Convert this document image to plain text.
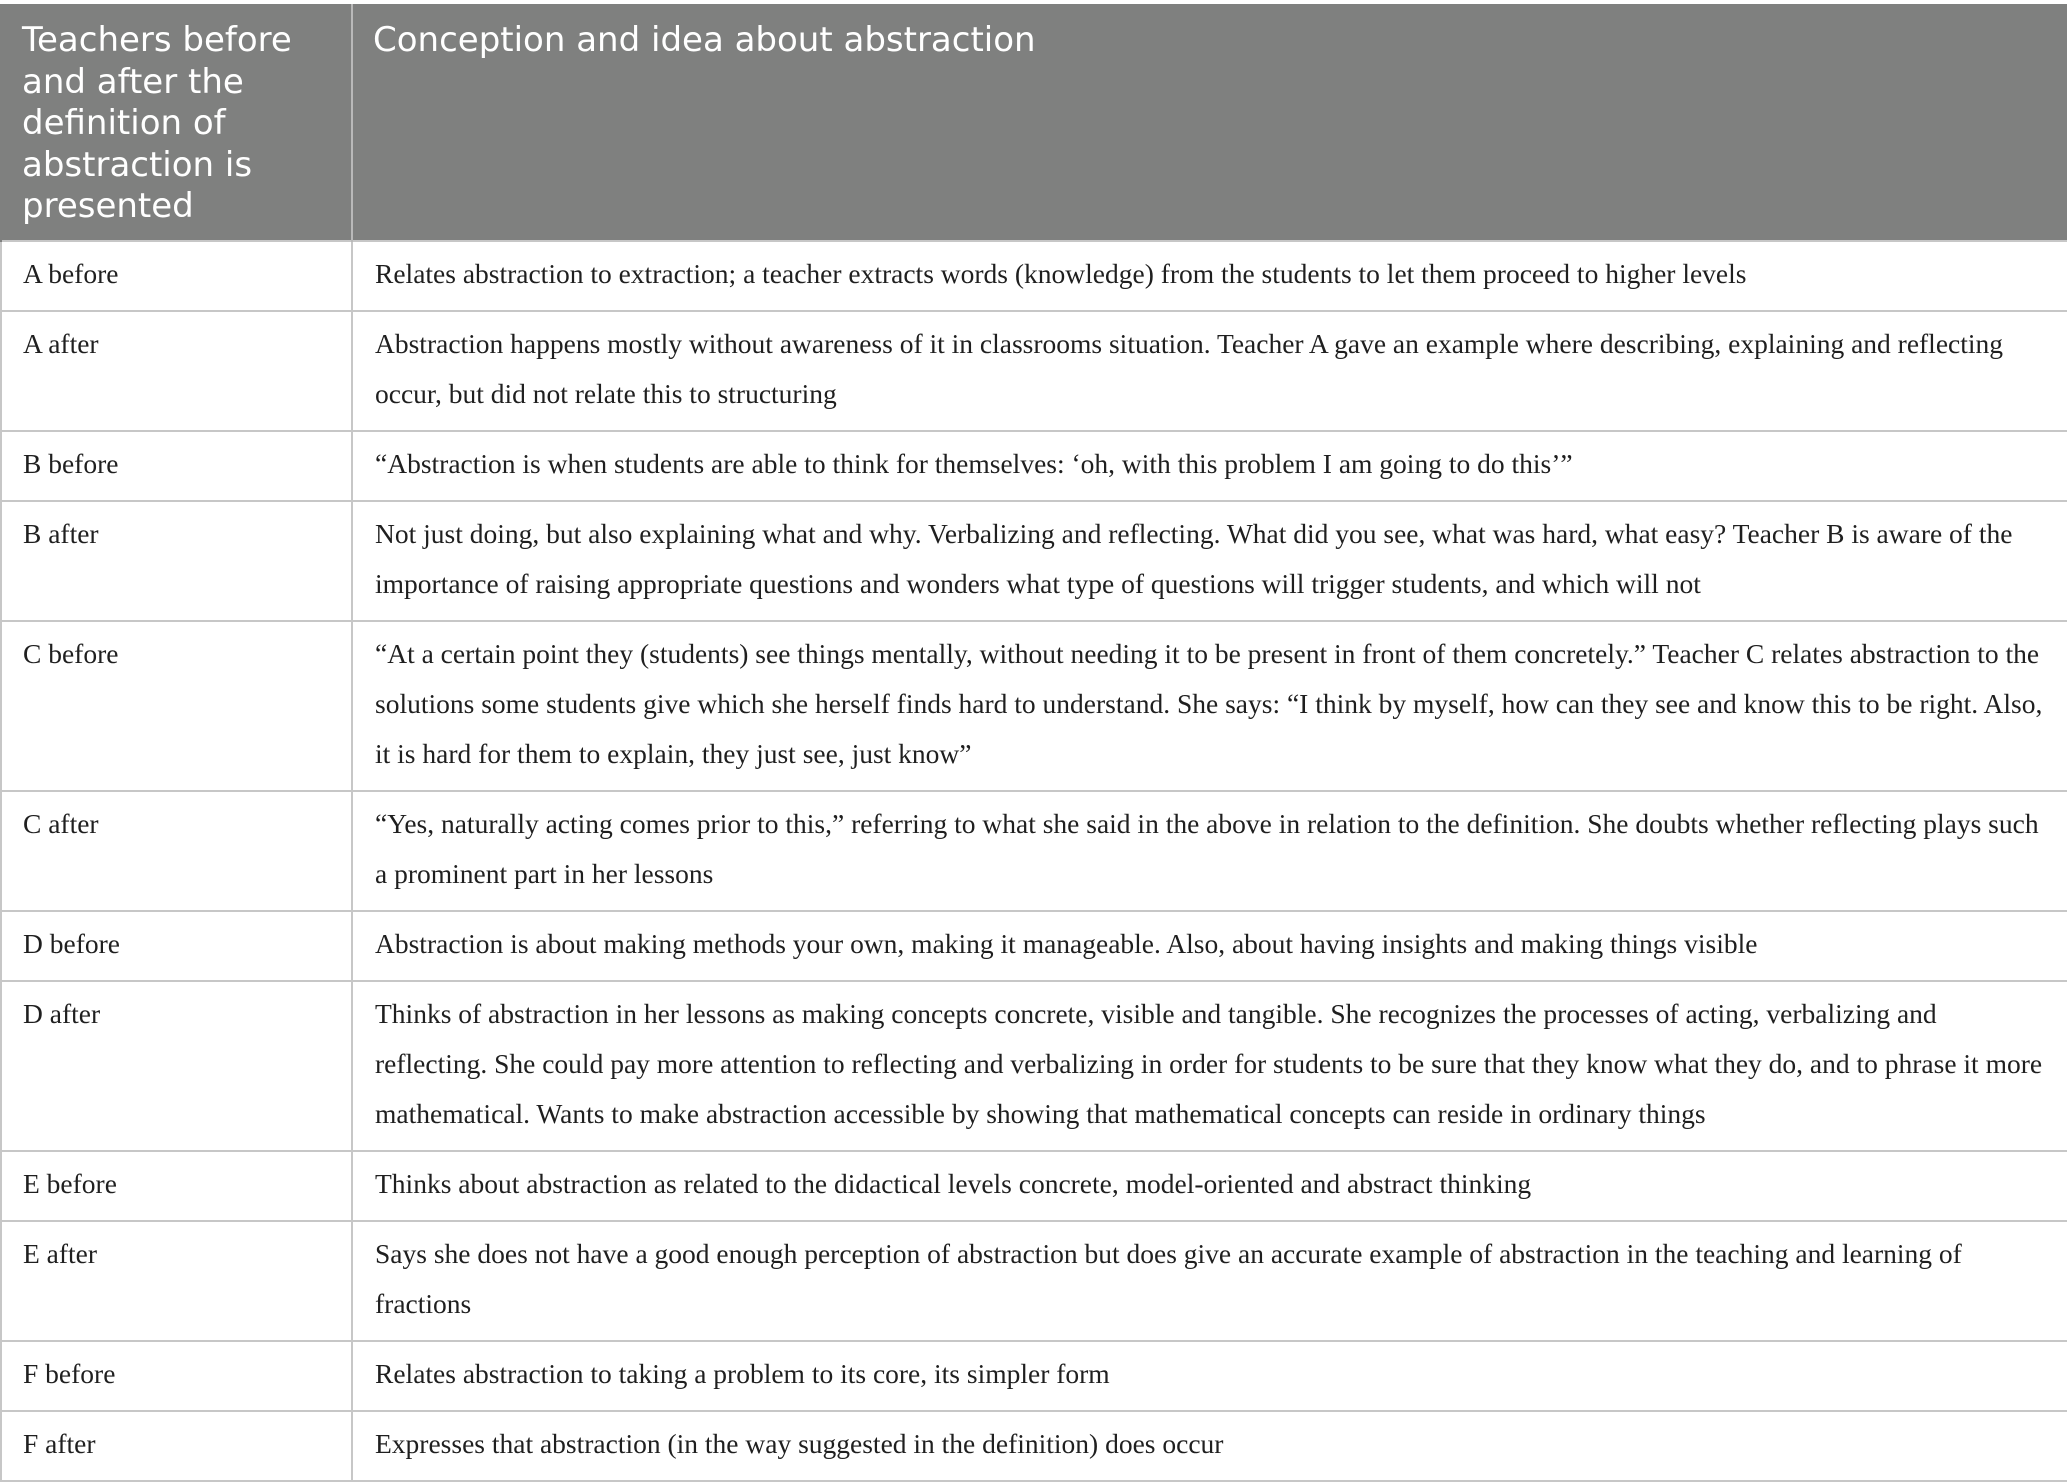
Teachers before and after the definition of abstraction is presented	Conception and idea about abstraction
A before	Relates abstraction to extraction; a teacher extracts words (knowledge) from the students to let them proceed to higher levels
A after	Abstraction happens mostly without awareness of it in classrooms situation. Teacher A gave an example where describing, explaining and reflecting occur, but did not relate this to structuring
B before	“Abstraction is when students are able to think for themselves: ‘oh, with this problem I am going to do this’”
B after	Not just doing, but also explaining what and why. Verbalizing and reflecting. What did you see, what was hard, what easy? Teacher B is aware of the importance of raising appropriate questions and wonders what type of questions will trigger students, and which will not
C before	“At a certain point they (students) see things mentally, without needing it to be present in front of them concretely.” Teacher C relates abstraction to the solutions some students give which she herself finds hard to understand. She says: “I think by myself, how can they see and know this to be right. Also, it is hard for them to explain, they just see, just know”
C after	“Yes, naturally acting comes prior to this,” referring to what she said in the above in relation to the definition. She doubts whether reflecting plays such a prominent part in her lessons
D before	Abstraction is about making methods your own, making it manageable. Also, about having insights and making things visible
D after	Thinks of abstraction in her lessons as making concepts concrete, visible and tangible. She recognizes the processes of acting, verbalizing and reflecting. She could pay more attention to reflecting and verbalizing in order for students to be sure that they know what they do, and to phrase it more mathematical. Wants to make abstraction accessible by showing that mathematical concepts can reside in ordinary things
E before	Thinks about abstraction as related to the didactical levels concrete, model-oriented and abstract thinking
E after	Says she does not have a good enough perception of abstraction but does give an accurate example of abstraction in the teaching and learning of fractions
F before	Relates abstraction to taking a problem to its core, its simpler form
F after	Expresses that abstraction (in the way suggested in the definition) does occur
